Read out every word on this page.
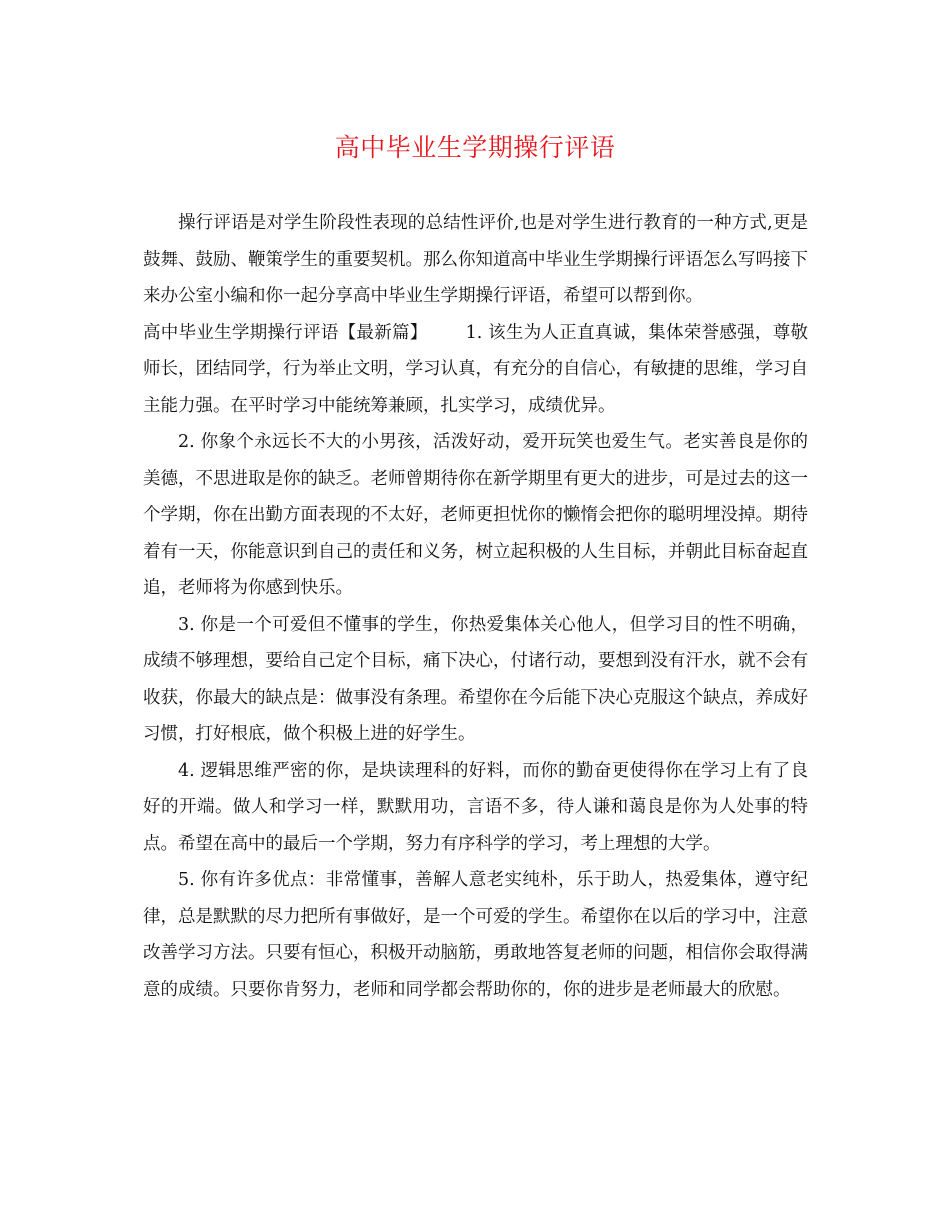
高中毕业生学期操行评语

操行评语是对学生阶段性表现的总结性评价,也是对学生进行教育的一种方式,更是鼓舞、鼓励、鞭策学生的重要契机。那么你知道高中毕业生学期操行评语怎么写吗接下来办公室小编和你一起分享高中毕业生学期操行评语，希望可以帮到你。

高中毕业生学期操行评语【最新篇】 1. 该生为人正直真诚，集体荣誉感强，尊敬师长，团结同学，行为举止文明，学习认真，有充分的自信心，有敏捷的思维，学习自主能力强。在平时学习中能统筹兼顾，扎实学习，成绩优异。

2. 你象个永远长不大的小男孩，活泼好动，爱开玩笑也爱生气。老实善良是你的美德，不思进取是你的缺乏。老师曾期待你在新学期里有更大的进步，可是过去的这一个学期，你在出勤方面表现的不太好，老师更担忧你的懒惰会把你的聪明埋没掉。期待着有一天，你能意识到自己的责任和义务，树立起积极的人生目标，并朝此目标奋起直追，老师将为你感到快乐。

3. 你是一个可爱但不懂事的学生，你热爱集体关心他人，但学习目的性不明确，成绩不够理想，要给自己定个目标，痛下决心，付诸行动，要想到没有汗水，就不会有收获，你最大的缺点是：做事没有条理。希望你在今后能下决心克服这个缺点，养成好习惯，打好根底，做个积极上进的好学生。

4. 逻辑思维严密的你，是块读理科的好料，而你的勤奋更使得你在学习上有了良好的开端。做人和学习一样，默默用功，言语不多，待人谦和蔼良是你为人处事的特点。希望在高中的最后一个学期，努力有序科学的学习，考上理想的大学。

5. 你有许多优点：非常懂事，善解人意老实纯朴，乐于助人，热爱集体，遵守纪律，总是默默的尽力把所有事做好，是一个可爱的学生。希望你在以后的学习中，注意改善学习方法。只要有恒心，积极开动脑筋，勇敢地答复老师的问题，相信你会取得满意的成绩。只要你肯努力，老师和同学都会帮助你的，你的进步是老师最大的欣慰。
